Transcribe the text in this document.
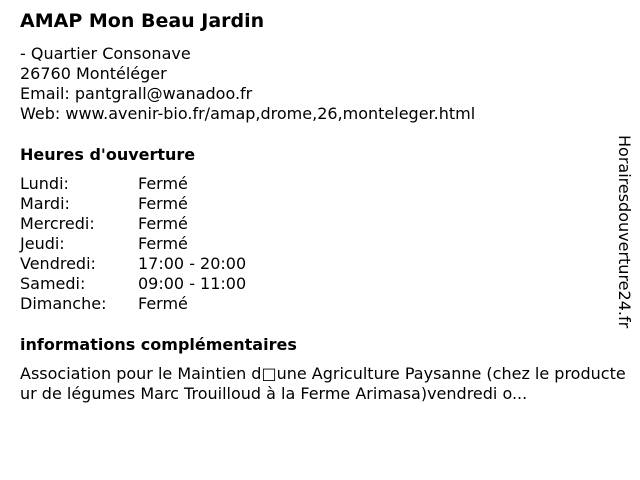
AMAP Mon Beau Jardin
- Quartier Consonave
26760 Montéléger
Email: pantgrall@wanadoo.fr
Web: www.avenir-bio.fr/amap,drome,26,monteleger.html
Heures d'ouverture
Lundi:	Fermé
Mardi:	Fermé
Mercredi:	Fermé
Jeudi:	Fermé
Vendredi:	17:00 - 20:00
Samedi:	09:00 - 11:00
Dimanche:	Fermé
informations complémentaires
Association pour le Maintien d□une Agriculture Paysanne (chez le producteur de légumes Marc Trouilloud à la Ferme Arimasa)vendredi o...
Horairesdouverture24.fr
